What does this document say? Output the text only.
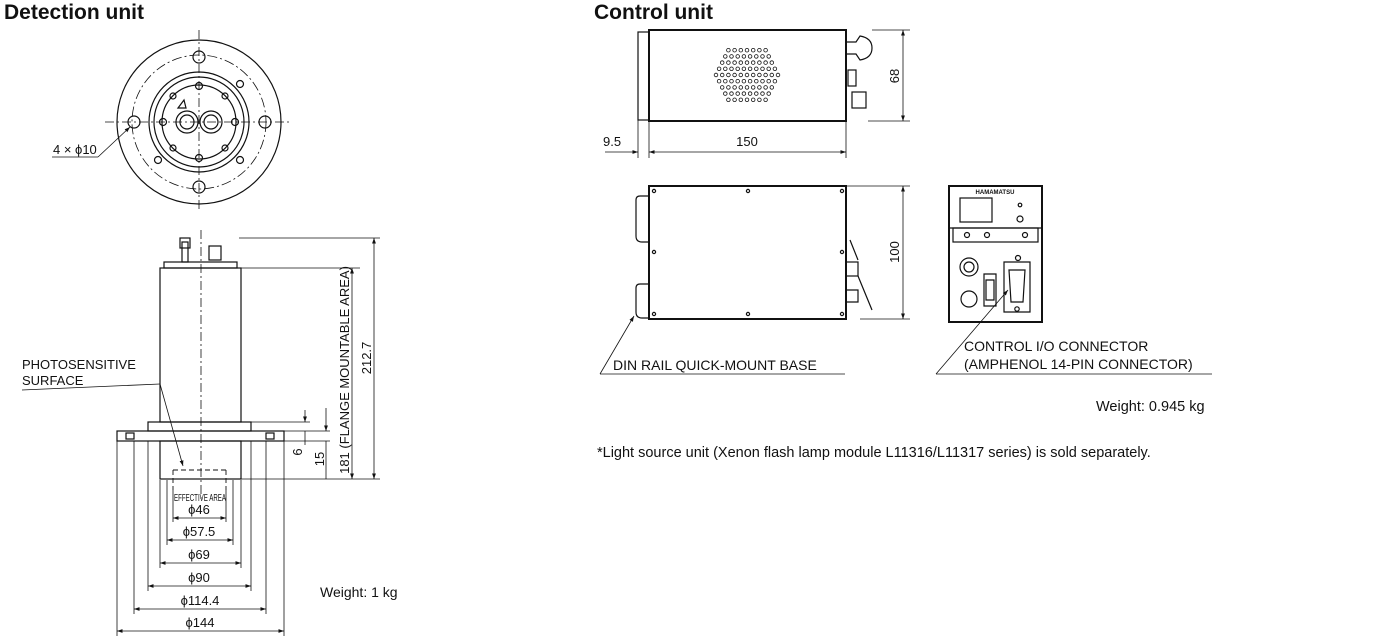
Detection unit	Control unit
4 × ϕ10
PHOTOSENSITIVE
SURFACE
212.7
181 (FLANGE MOUNTABLE AREA)
15
6
EFFECTIVE AREA
ϕ46
ϕ57.5
ϕ69
ϕ90
ϕ114.4
ϕ144
Weight: 1 kg
68
9.5	150
100
DIN RAIL QUICK-MOUNT BASE
HAMAMATSU
CONTROL I/O CONNECTOR
(AMPHENOL 14-PIN CONNECTOR)
Weight: 0.945 kg
*Light source unit (Xenon flash lamp module L11316/L11317 series) is sold separately.
